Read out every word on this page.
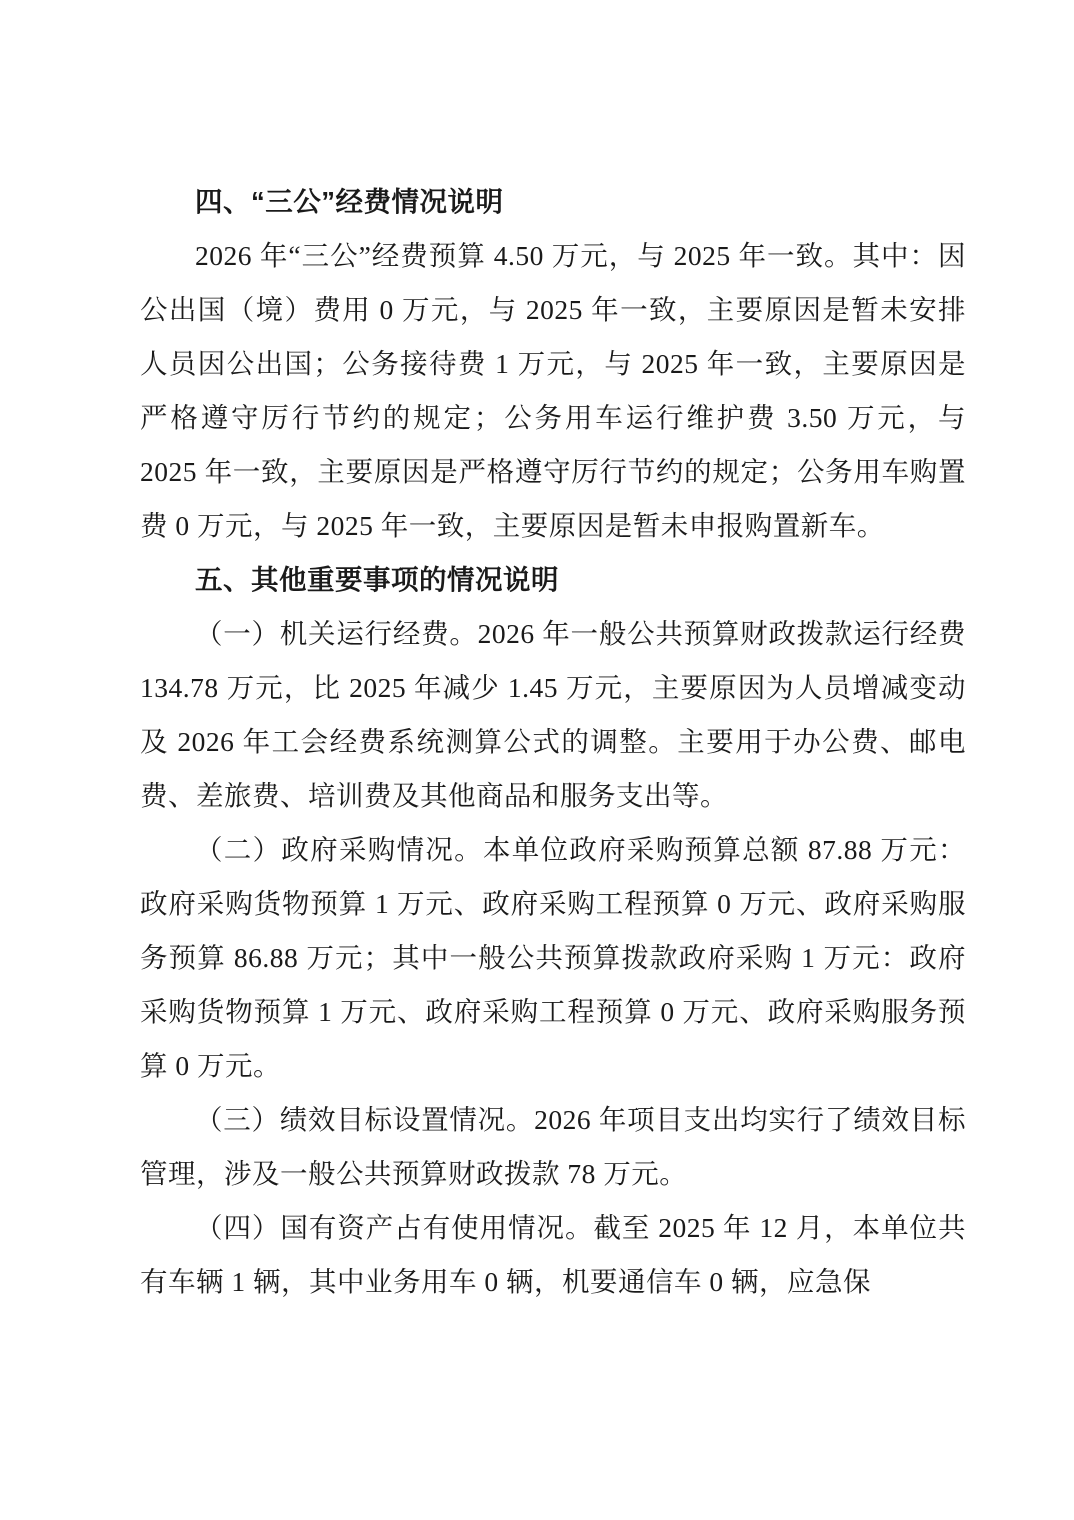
四、“三公”经费情况说明

2026 年“三公”经费预算 4.50 万元，与 2025 年一致。其中：因公出国（境）费用 0 万元，与 2025 年一致，主要原因是暂未安排人员因公出国；公务接待费 1 万元，与 2025 年一致，主要原因是严格遵守厉行节约的规定；公务用车运行维护费 3.50 万元，与 2025 年一致，主要原因是严格遵守厉行节约的规定；公务用车购置费 0 万元，与 2025 年一致，主要原因是暂未申报购置新车。

五、其他重要事项的情况说明

（一）机关运行经费。2026 年一般公共预算财政拨款运行经费 134.78 万元，比 2025 年减少 1.45 万元，主要原因为人员增减变动及 2026 年工会经费系统测算公式的调整。主要用于办公费、邮电费、差旅费、培训费及其他商品和服务支出等。

（二）政府采购情况。本单位政府采购预算总额 87.88 万元：政府采购货物预算 1 万元、政府采购工程预算 0 万元、政府采购服务预算 86.88 万元；其中一般公共预算拨款政府采购 1 万元：政府采购货物预算 1 万元、政府采购工程预算 0 万元、政府采购服务预算 0 万元。

（三）绩效目标设置情况。2026 年项目支出均实行了绩效目标管理，涉及一般公共预算财政拨款 78 万元。

（四）国有资产占有使用情况。截至 2025 年 12 月，本单位共有车辆 1 辆，其中业务用车 0 辆，机要通信车 0 辆，应急保
